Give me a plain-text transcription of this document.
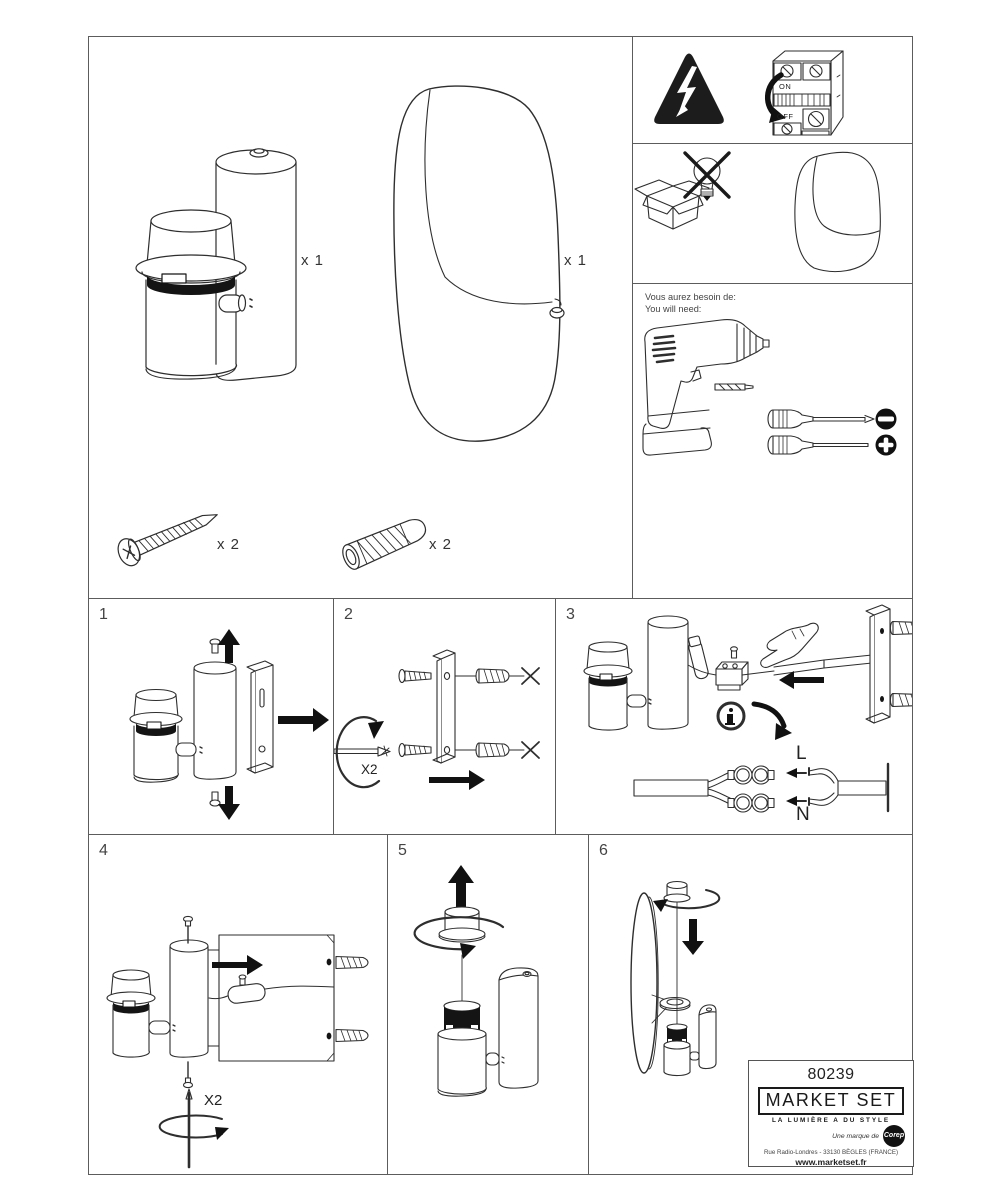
x 1	x 1
x 2	x 2
ON
OFF
Vous aurez besoin de:
You will need:
1	2
X2
3
L
N
4
X2
5	6
80239
MARKET SET
LA LUMIÈRE A DU STYLE
Une marque de Corep
Rue Radio-Londres - 33130 BÈGLES (FRANCE)
www.marketset.fr
